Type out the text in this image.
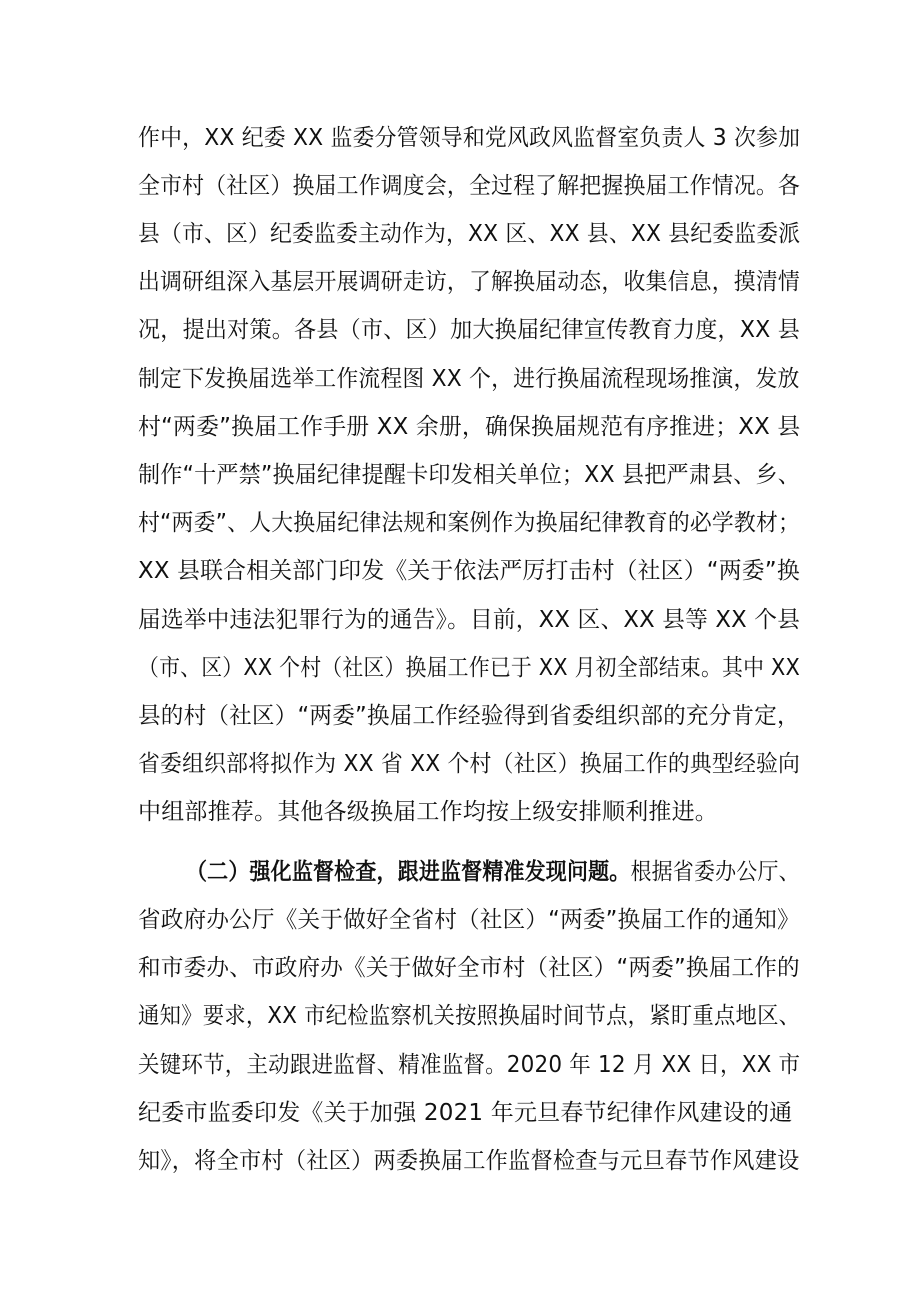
作中，XX 纪委 XX 监委分管领导和党风政风监督室负责人 3 次参加
全市村（社区）换届工作调度会，全过程了解把握换届工作情况。各
县（市、区）纪委监委主动作为，XX 区、XX 县、XX 县纪委监委派
出调研组深入基层开展调研走访，了解换届动态，收集信息，摸清情
况，提出对策。各县（市、区）加大换届纪律宣传教育力度，XX 县
制定下发换届选举工作流程图 XX 个，进行换届流程现场推演，发放
村“两委”换届工作手册 XX 余册，确保换届规范有序推进；XX 县
制作“十严禁”换届纪律提醒卡印发相关单位；XX 县把严肃县、乡、
村“两委”、人大换届纪律法规和案例作为换届纪律教育的必学教材；
XX 县联合相关部门印发《关于依法严厉打击村（社区）“两委”换
届选举中违法犯罪行为的通告》。目前，XX 区、XX 县等 XX 个县
（市、区）XX 个村（社区）换届工作已于 XX 月初全部结束。其中 XX
县的村（社区）“两委”换届工作经验得到省委组织部的充分肯定，
省委组织部将拟作为 XX 省 XX 个村（社区）换届工作的典型经验向
中组部推荐。其他各级换届工作均按上级安排顺利推进。
（二）强化监督检查，跟进监督精准发现问题。根据省委办公厅、
省政府办公厅《关于做好全省村（社区）“两委”换届工作的通知》
和市委办、市政府办《关于做好全市村（社区）“两委”换届工作的
通知》要求，XX 市纪检监察机关按照换届时间节点，紧盯重点地区、
关键环节，主动跟进监督、精准监督。2020 年 12 月 XX 日，XX 市
纪委市监委印发《关于加强 2021 年元旦春节纪律作风建设的通
知》，将全市村（社区）两委换届工作监督检查与元旦春节作风建设
